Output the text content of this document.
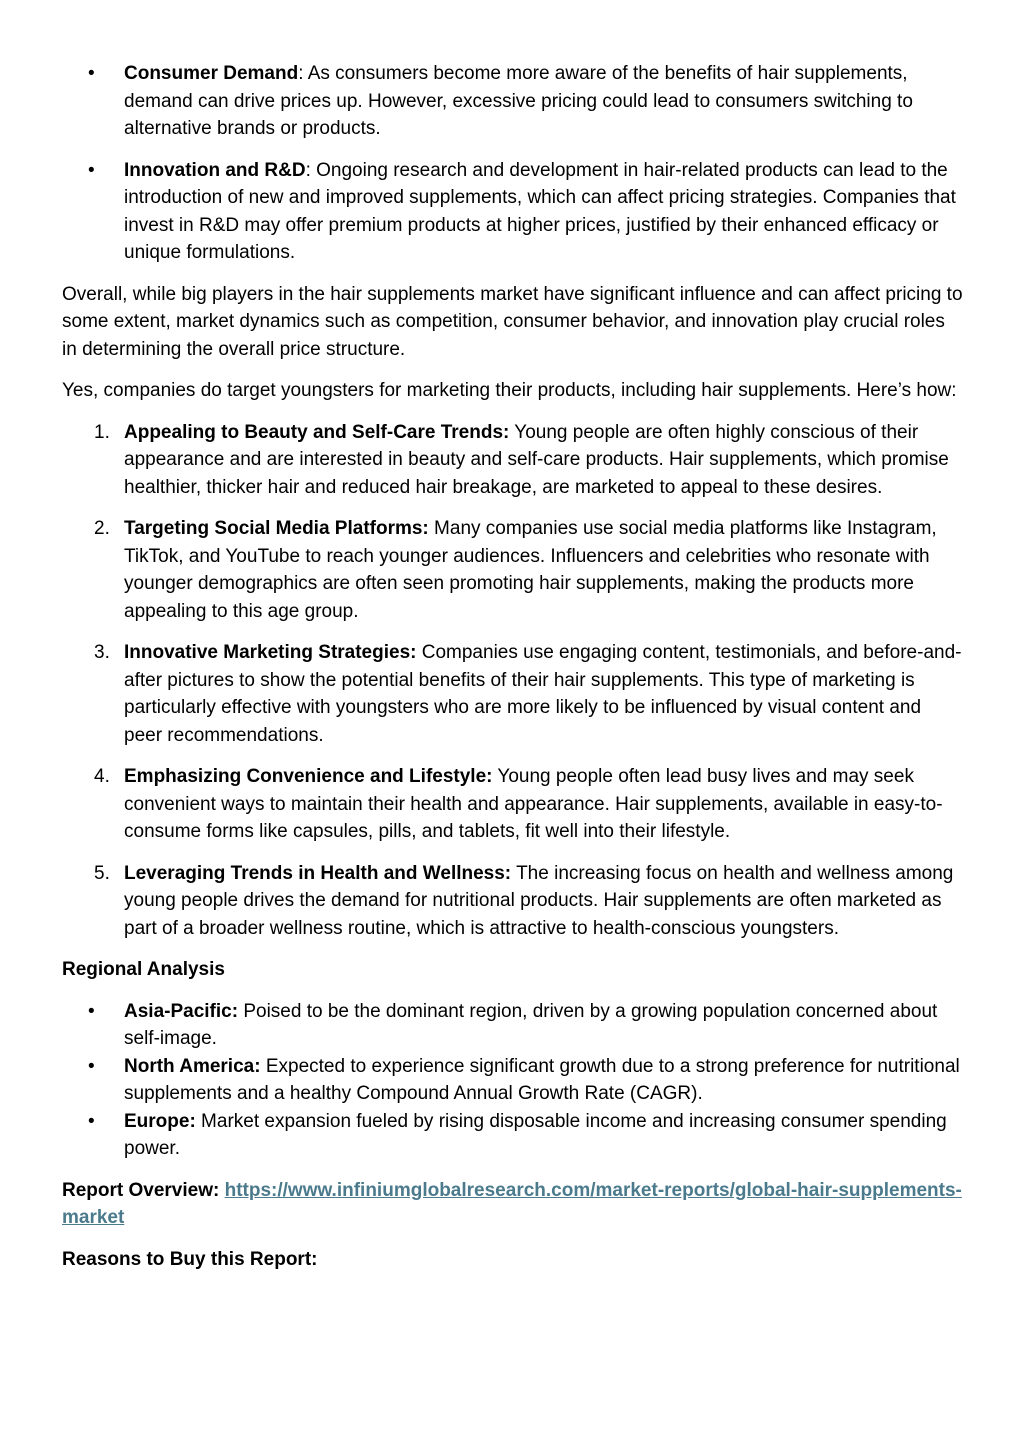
• Consumer Demand: As consumers become more aware of the benefits of hair supplements, demand can drive prices up. However, excessive pricing could lead to consumers switching to alternative brands or products.
• Innovation and R&D: Ongoing research and development in hair-related products can lead to the introduction of new and improved supplements, which can affect pricing strategies. Companies that invest in R&D may offer premium products at higher prices, justified by their enhanced efficacy or unique formulations.

Overall, while big players in the hair supplements market have significant influence and can affect pricing to some extent, market dynamics such as competition, consumer behavior, and innovation play crucial roles in determining the overall price structure.

Yes, companies do target youngsters for marketing their products, including hair supplements. Here’s how:

1. Appealing to Beauty and Self-Care Trends: Young people are often highly conscious of their appearance and are interested in beauty and self-care products. Hair supplements, which promise healthier, thicker hair and reduced hair breakage, are marketed to appeal to these desires.
2. Targeting Social Media Platforms: Many companies use social media platforms like Instagram, TikTok, and YouTube to reach younger audiences. Influencers and celebrities who resonate with younger demographics are often seen promoting hair supplements, making the products more appealing to this age group.
3. Innovative Marketing Strategies: Companies use engaging content, testimonials, and before-and-after pictures to show the potential benefits of their hair supplements. This type of marketing is particularly effective with youngsters who are more likely to be influenced by visual content and peer recommendations.
4. Emphasizing Convenience and Lifestyle: Young people often lead busy lives and may seek convenient ways to maintain their health and appearance. Hair supplements, available in easy-to-consume forms like capsules, pills, and tablets, fit well into their lifestyle.
5. Leveraging Trends in Health and Wellness: The increasing focus on health and wellness among young people drives the demand for nutritional products. Hair supplements are often marketed as part of a broader wellness routine, which is attractive to health-conscious youngsters.
Regional Analysis
• Asia-Pacific: Poised to be the dominant region, driven by a growing population concerned about self-image.
• North America: Expected to experience significant growth due to a strong preference for nutritional supplements and a healthy Compound Annual Growth Rate (CAGR).
• Europe: Market expansion fueled by rising disposable income and increasing consumer spending power.

Report Overview: https://www.infiniumglobalresearch.com/market-reports/global-hair-supplements-market

Reasons to Buy this Report:
